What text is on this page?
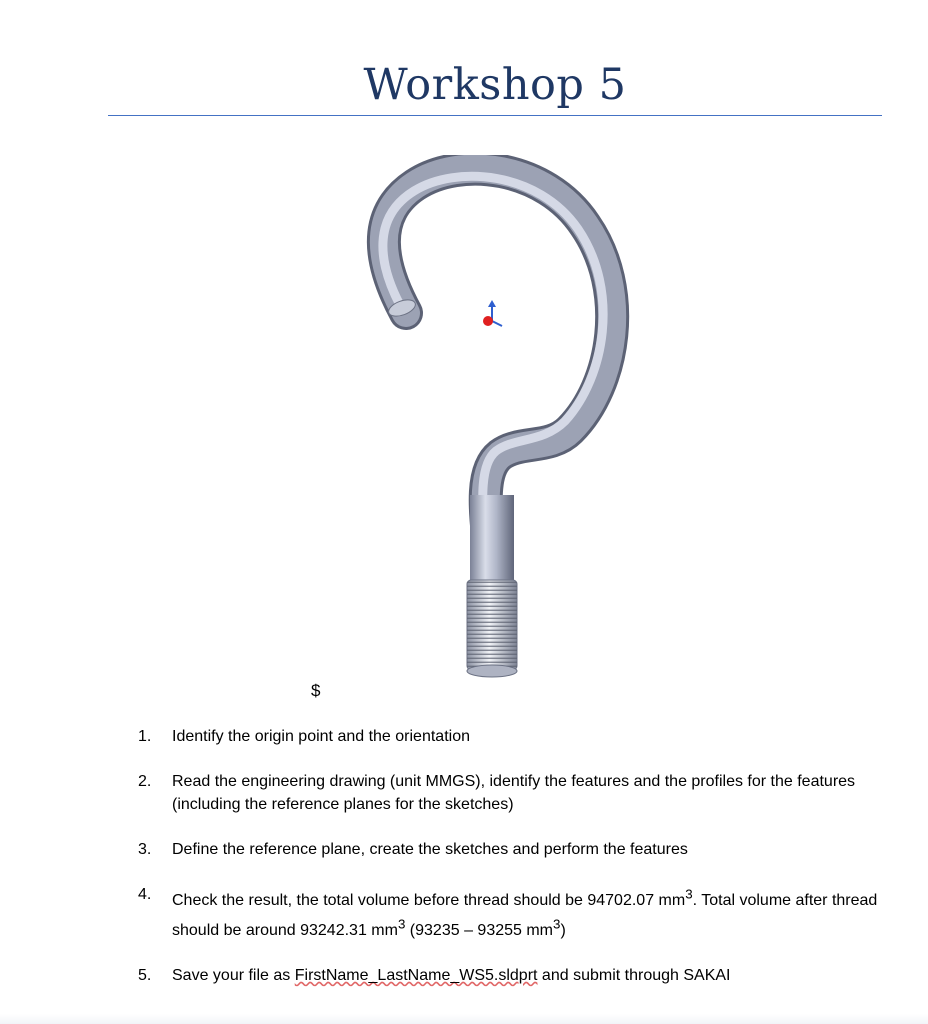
Workshop 5
$
1. Identify the origin point and the orientation
2. Read the engineering drawing (unit MMGS), identify the features and the profiles for the features (including the reference planes for the sketches)
3. Define the reference plane, create the sketches and perform the features
4. Check the result, the total volume before thread should be 94702.07 $mm^3$. Total volume after thread should be around 93242.31 $mm^3$ (93235 – 93255 $mm^3$)
5. Save your file as FirstName_LastName_WS5.sldprt and submit through SAKAI
